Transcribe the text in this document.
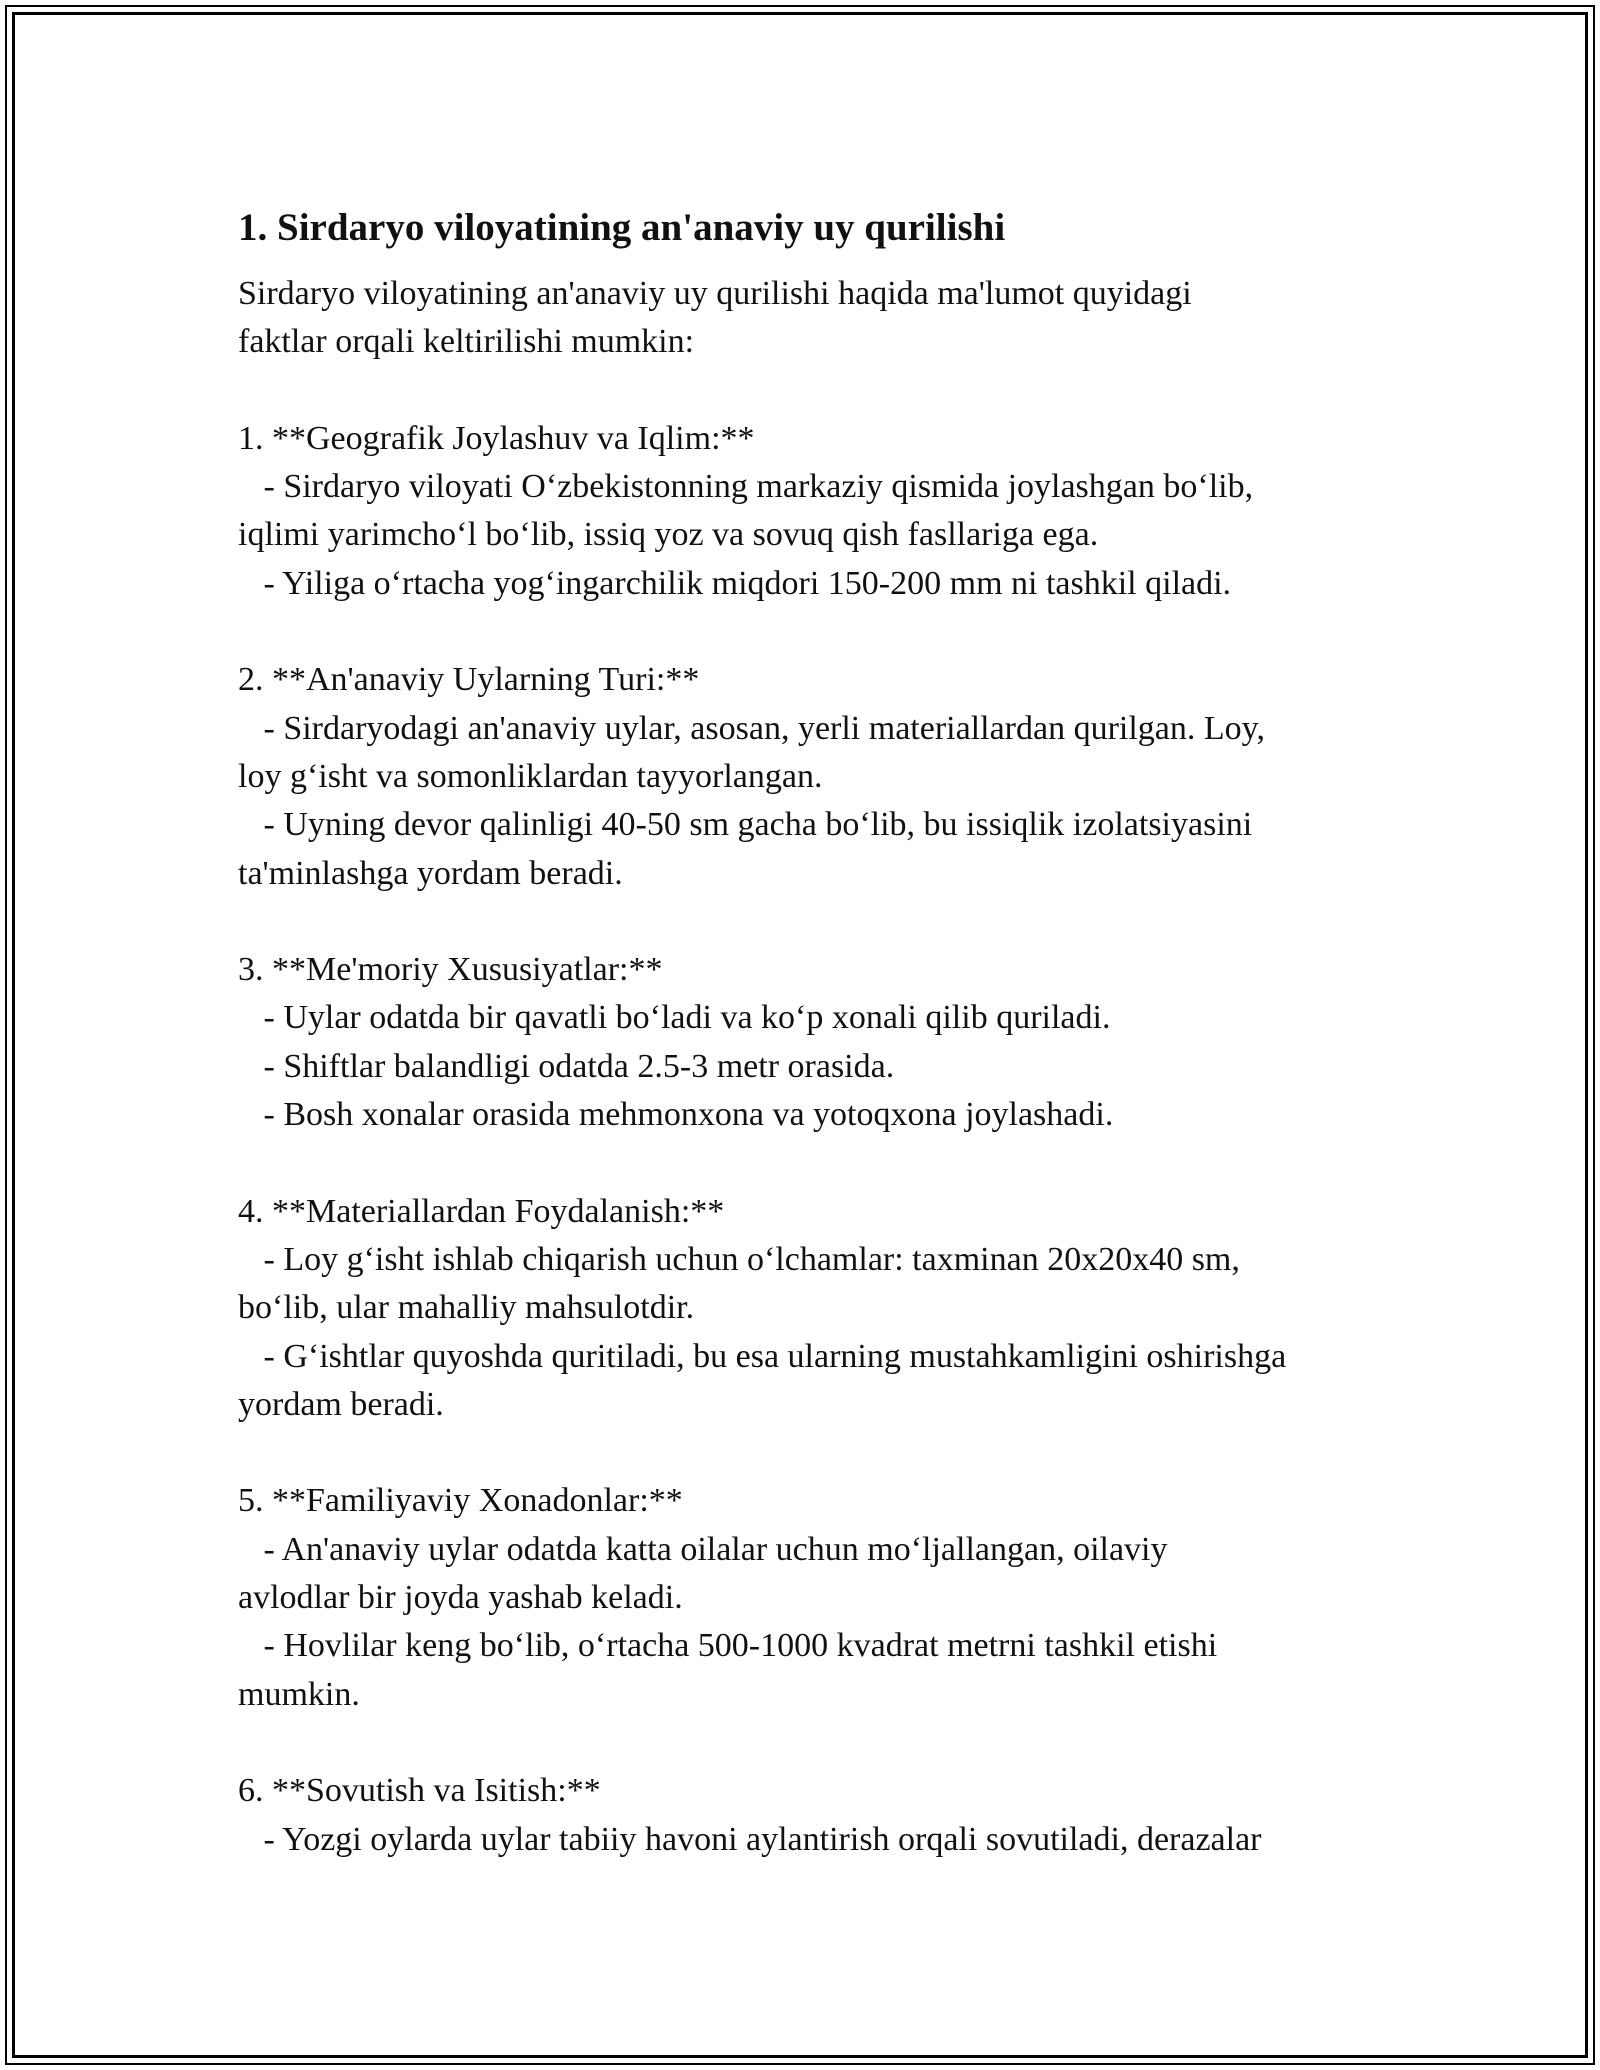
1. Sirdaryo viloyatining an'anaviy uy qurilishi

Sirdaryo viloyatining an'anaviy uy qurilishi haqida ma'lumot quyidagi
faktlar orqali keltirilishi mumkin:

1. **Geografik Joylashuv va Iqlim:**
- Sirdaryo viloyati O‘zbekistonning markaziy qismida joylashgan bo‘lib,
iqlimi yarimcho‘l bo‘lib, issiq yoz va sovuq qish fasllariga ega.
- Yiliga o‘rtacha yog‘ingarchilik miqdori 150-200 mm ni tashkil qiladi.

2. **An'anaviy Uylarning Turi:**
- Sirdaryodagi an'anaviy uylar, asosan, yerli materiallardan qurilgan. Loy,
loy g‘isht va somonliklardan tayyorlangan.
- Uyning devor qalinligi 40-50 sm gacha bo‘lib, bu issiqlik izolatsiyasini
ta'minlashga yordam beradi.

3. **Me'moriy Xususiyatlar:**
- Uylar odatda bir qavatli bo‘ladi va ko‘p xonali qilib quriladi.
- Shiftlar balandligi odatda 2.5-3 metr orasida.
- Bosh xonalar orasida mehmonxona va yotoqxona joylashadi.

4. **Materiallardan Foydalanish:**
- Loy g‘isht ishlab chiqarish uchun o‘lchamlar: taxminan 20x20x40 sm,
bo‘lib, ular mahalliy mahsulotdir.
- G‘ishtlar quyoshda quritiladi, bu esa ularning mustahkamligini oshirishga
yordam beradi.

5. **Familiyaviy Xonadonlar:**
- An'anaviy uylar odatda katta oilalar uchun mo‘ljallangan, oilaviy
avlodlar bir joyda yashab keladi.
- Hovlilar keng bo‘lib, o‘rtacha 500-1000 kvadrat metrni tashkil etishi
mumkin.

6. **Sovutish va Isitish:**
- Yozgi oylarda uylar tabiiy havoni aylantirish orqali sovutiladi, derazalar
